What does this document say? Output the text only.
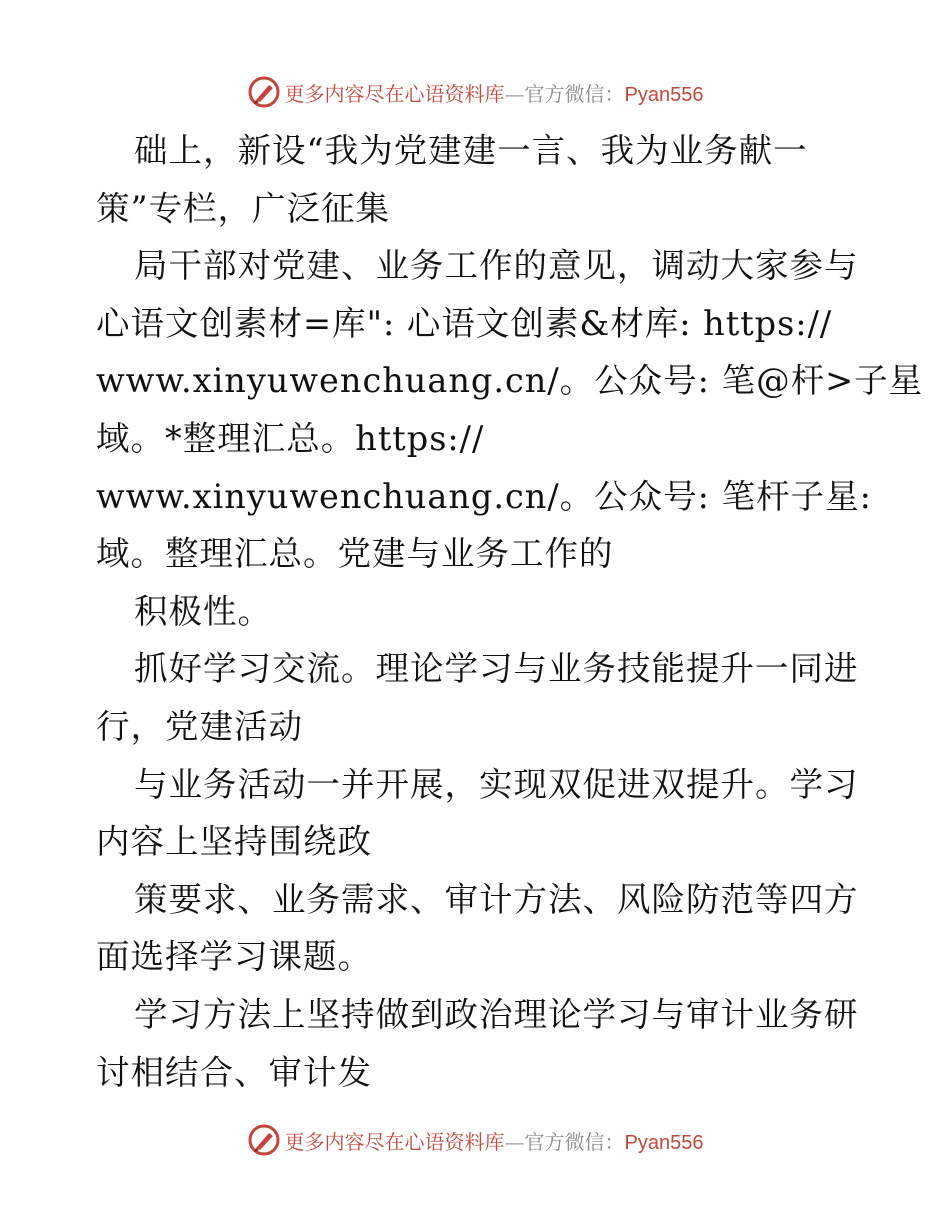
更多内容尽在心语资料库—官方微信：Pyan556
础上，新设“我为党建建一言、我为业务献一
策”专栏，广泛征集
局干部对党建、业务工作的意见，调动大家参与
心语文创素材=库": 心语文创素&材库: https://
www.xinyuwenchuang.cn/。公众号: 笔@杆>子星
域。*整理汇总。https://
www.xinyuwenchuang.cn/。公众号: 笔杆子星:
域。整理汇总。党建与业务工作的
积极性。
抓好学习交流。理论学习与业务技能提升一同进
行，党建活动
与业务活动一并开展，实现双促进双提升。学习
内容上坚持围绕政
策要求、业务需求、审计方法、风险防范等四方
面选择学习课题。
学习方法上坚持做到政治理论学习与审计业务研
讨相结合、审计发
更多内容尽在心语资料库—官方微信：Pyan556
